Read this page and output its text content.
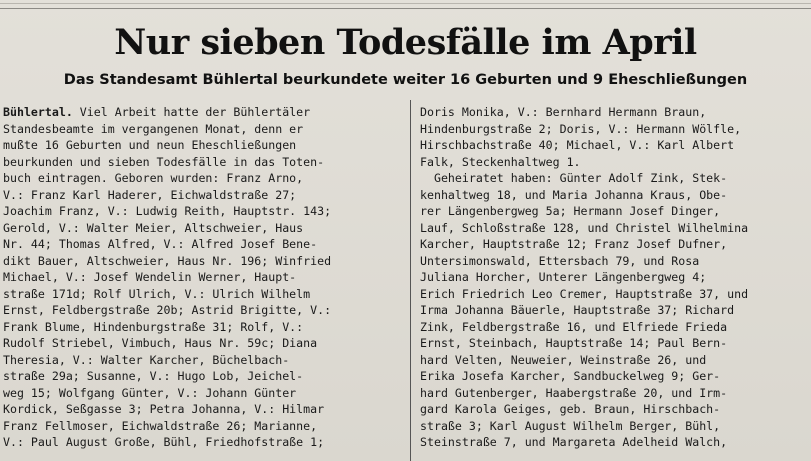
Nur sieben Todesfälle im April
Das Standesamt Bühlertal beurkundete weiter 16 Geburten und 9 Eheschließungen
Bühlertal. Viel Arbeit hatte der Bühlertäler
Standesbeamte im vergangenen Monat, denn er
mußte 16 Geburten und neun Eheschließungen
beurkunden und sieben Todesfälle in das Toten-
buch eintragen. Geboren wurden: Franz Arno,
V.: Franz Karl Haderer, Eichwaldstraße 27;
Joachim Franz, V.: Ludwig Reith, Hauptstr. 143;
Gerold, V.: Walter Meier, Altschweier, Haus
Nr. 44; Thomas Alfred, V.: Alfred Josef Bene-
dikt Bauer, Altschweier, Haus Nr. 196; Winfried
Michael, V.: Josef Wendelin Werner, Haupt-
straße 171d; Rolf Ulrich, V.: Ulrich Wilhelm
Ernst, Feldbergstraße 20b; Astrid Brigitte, V.:
Frank Blume, Hindenburgstraße 31; Rolf, V.:
Rudolf Striebel, Vimbuch, Haus Nr. 59c; Diana
Theresia, V.: Walter Karcher, Büchelbach-
straße 29a; Susanne, V.: Hugo Lob, Jeichel-
weg 15; Wolfgang Günter, V.: Johann Günter
Kordick, Seßgasse 3; Petra Johanna, V.: Hilmar
Franz Fellmoser, Eichwaldstraße 26; Marianne,
V.: Paul August Große, Bühl, Friedhofstraße 1;
Doris Monika, V.: Bernhard Hermann Braun,
Hindenburgstraße 2; Doris, V.: Hermann Wölfle,
Hirschbachstraße 40; Michael, V.: Karl Albert
Falk, Steckenhaltweg 1.
Geheiratet haben: Günter Adolf Zink, Stek-
kenhaltweg 18, und Maria Johanna Kraus, Obe-
rer Längenbergweg 5a; Hermann Josef Dinger,
Lauf, Schloßstraße 128, und Christel Wilhelmina
Karcher, Hauptstraße 12; Franz Josef Dufner,
Untersimonswald, Ettersbach 79, und Rosa
Juliana Horcher, Unterer Längenbergweg 4;
Erich Friedrich Leo Cremer, Hauptstraße 37, und
Irma Johanna Bäuerle, Hauptstraße 37; Richard
Zink, Feldbergstraße 16, und Elfriede Frieda
Ernst, Steinbach, Hauptstraße 14; Paul Bern-
hard Velten, Neuweier, Weinstraße 26, und
Erika Josefa Karcher, Sandbuckelweg 9; Ger-
hard Gutenberger, Haabergstraße 20, und Irm-
gard Karola Geiges, geb. Braun, Hirschbach-
straße 3; Karl August Wilhelm Berger, Bühl,
Steinstraße 7, und Margareta Adelheid Walch,
